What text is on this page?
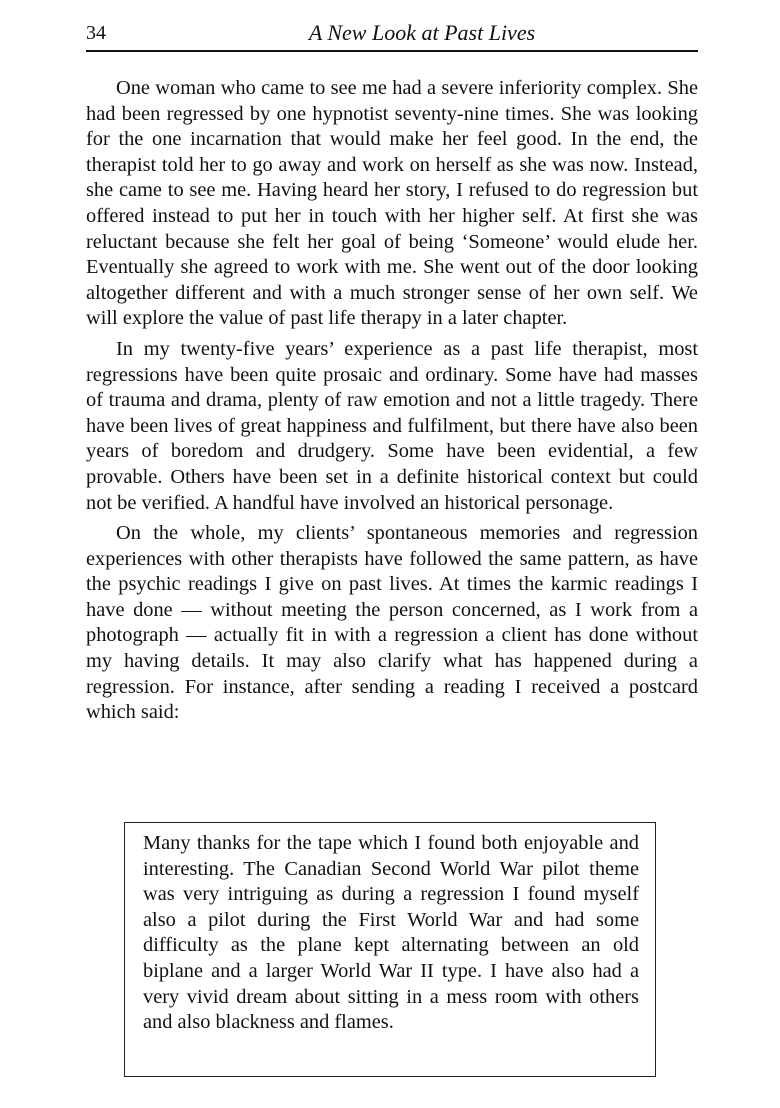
34	A New Look at Past Lives

One woman who came to see me had a severe inferiority complex. She had been regressed by one hypnotist seventy-nine times. She was looking for the one incarnation that would make her feel good. In the end, the therapist told her to go away and work on herself as she was now. Instead, she came to see me. Having heard her story, I refused to do regression but offered instead to put her in touch with her higher self. At first she was reluctant because she felt her goal of being ‘Someone’ would elude her. Eventually she agreed to work with me. She went out of the door looking altogether different and with a much stronger sense of her own self. We will explore the value of past life therapy in a later chapter.

In my twenty-five years’ experience as a past life therapist, most regressions have been quite prosaic and ordinary. Some have had masses of trauma and drama, plenty of raw emotion and not a little tragedy. There have been lives of great happiness and fulfilment, but there have also been years of boredom and drudgery. Some have been evidential, a few provable. Others have been set in a definite historical context but could not be verified. A handful have involved an historical personage.

On the whole, my clients’ spontaneous memories and regression experiences with other therapists have followed the same pattern, as have the psychic readings I give on past lives. At times the karmic readings I have done — without meeting the person concerned, as I work from a photograph — actually fit in with a regression a client has done without my having details. It may also clarify what has happened during a regression. For instance, after sending a reading I received a postcard which said:

Many thanks for the tape which I found both enjoyable and interesting. The Canadian Second World War pilot theme was very intriguing as during a regression I found myself also a pilot during the First World War and had some difficulty as the plane kept alternating between an old biplane and a larger World War II type. I have also had a very vivid dream about sitting in a mess room with others and also blackness and flames.
